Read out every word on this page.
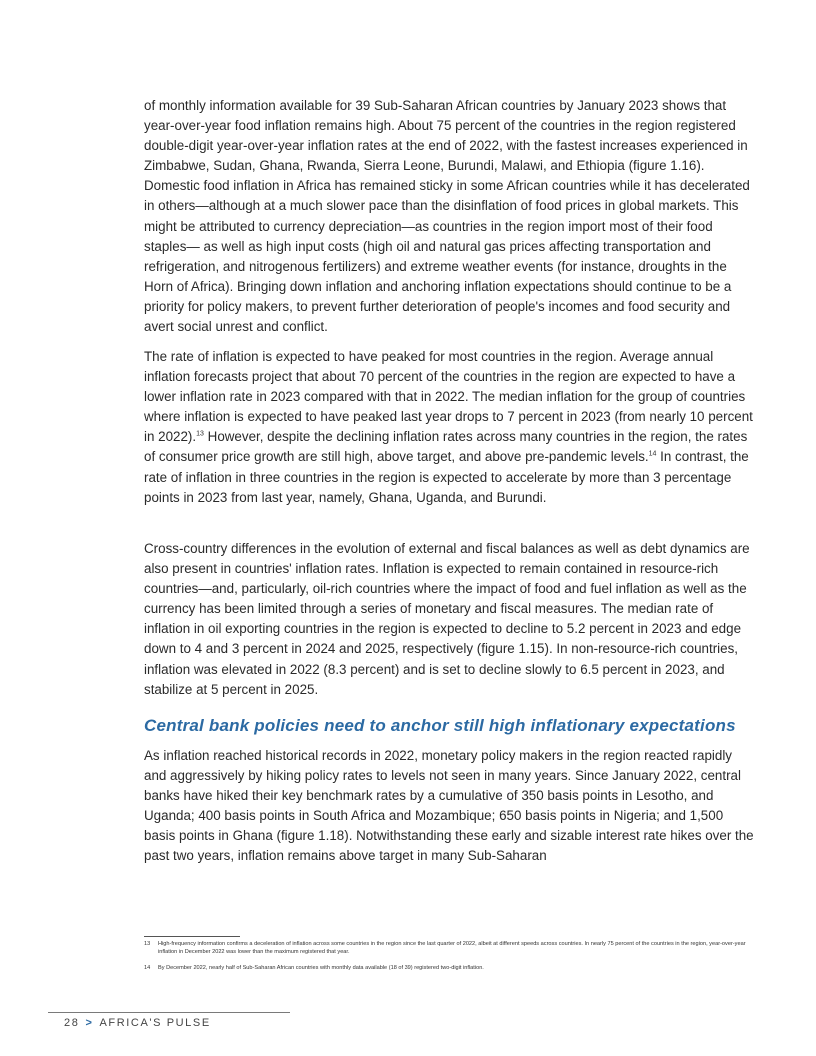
of monthly information available for 39 Sub-Saharan African countries by January 2023 shows that year-over-year food inflation remains high. About 75 percent of the countries in the region registered double-digit year-over-year inflation rates at the end of 2022, with the fastest increases experienced in Zimbabwe, Sudan, Ghana, Rwanda, Sierra Leone, Burundi, Malawi, and Ethiopia (figure 1.16). Domestic food inflation in Africa has remained sticky in some African countries while it has decelerated in others—although at a much slower pace than the disinflation of food prices in global markets. This might be attributed to currency depreciation—as countries in the region import most of their food staples— as well as high input costs (high oil and natural gas prices affecting transportation and refrigeration, and nitrogenous fertilizers) and extreme weather events (for instance, droughts in the Horn of Africa). Bringing down inflation and anchoring inflation expectations should continue to be a priority for policy makers, to prevent further deterioration of people's incomes and food security and avert social unrest and conflict.

The rate of inflation is expected to have peaked for most countries in the region. Average annual inflation forecasts project that about 70 percent of the countries in the region are expected to have a lower inflation rate in 2023 compared with that in 2022. The median inflation for the group of countries where inflation is expected to have peaked last year drops to 7 percent in 2023 (from nearly 10 percent in 2022).$^{13}$ However, despite the declining inflation rates across many countries in the region, the rates of consumer price growth are still high, above target, and above pre-pandemic levels.$^{14}$ In contrast, the rate of inflation in three countries in the region is expected to accelerate by more than 3 percentage points in 2023 from last year, namely, Ghana, Uganda, and Burundi.

Cross-country differences in the evolution of external and fiscal balances as well as debt dynamics are also present in countries' inflation rates. Inflation is expected to remain contained in resource-rich countries—and, particularly, oil-rich countries where the impact of food and fuel inflation as well as the currency has been limited through a series of monetary and fiscal measures. The median rate of inflation in oil exporting countries in the region is expected to decline to 5.2 percent in 2023 and edge down to 4 and 3 percent in 2024 and 2025, respectively (figure 1.15). In non-resource-rich countries, inflation was elevated in 2022 (8.3 percent) and is set to decline slowly to 6.5 percent in 2023, and stabilize at 5 percent in 2025.

Central bank policies need to anchor still high inflationary expectations

As inflation reached historical records in 2022, monetary policy makers in the region reacted rapidly and aggressively by hiking policy rates to levels not seen in many years. Since January 2022, central banks have hiked their key benchmark rates by a cumulative of 350 basis points in Lesotho, and Uganda; 400 basis points in South Africa and Mozambique; 650 basis points in Nigeria; and 1,500 basis points in Ghana (figure 1.18). Notwithstanding these early and sizable interest rate hikes over the past two years, inflation remains above target in many Sub-Saharan

13 High-frequency information confirms a deceleration of inflation across some countries in the region since the last quarter of 2022, albeit at different speeds across countries. In nearly 75 percent of the countries in the region, year-over-year inflation in December 2022 was lower than the maximum registered that year.

14 By December 2022, nearly half of Sub-Saharan African countries with monthly data available (18 of 39) registered two-digit inflation.

28 > AFRICA'S PULSE
